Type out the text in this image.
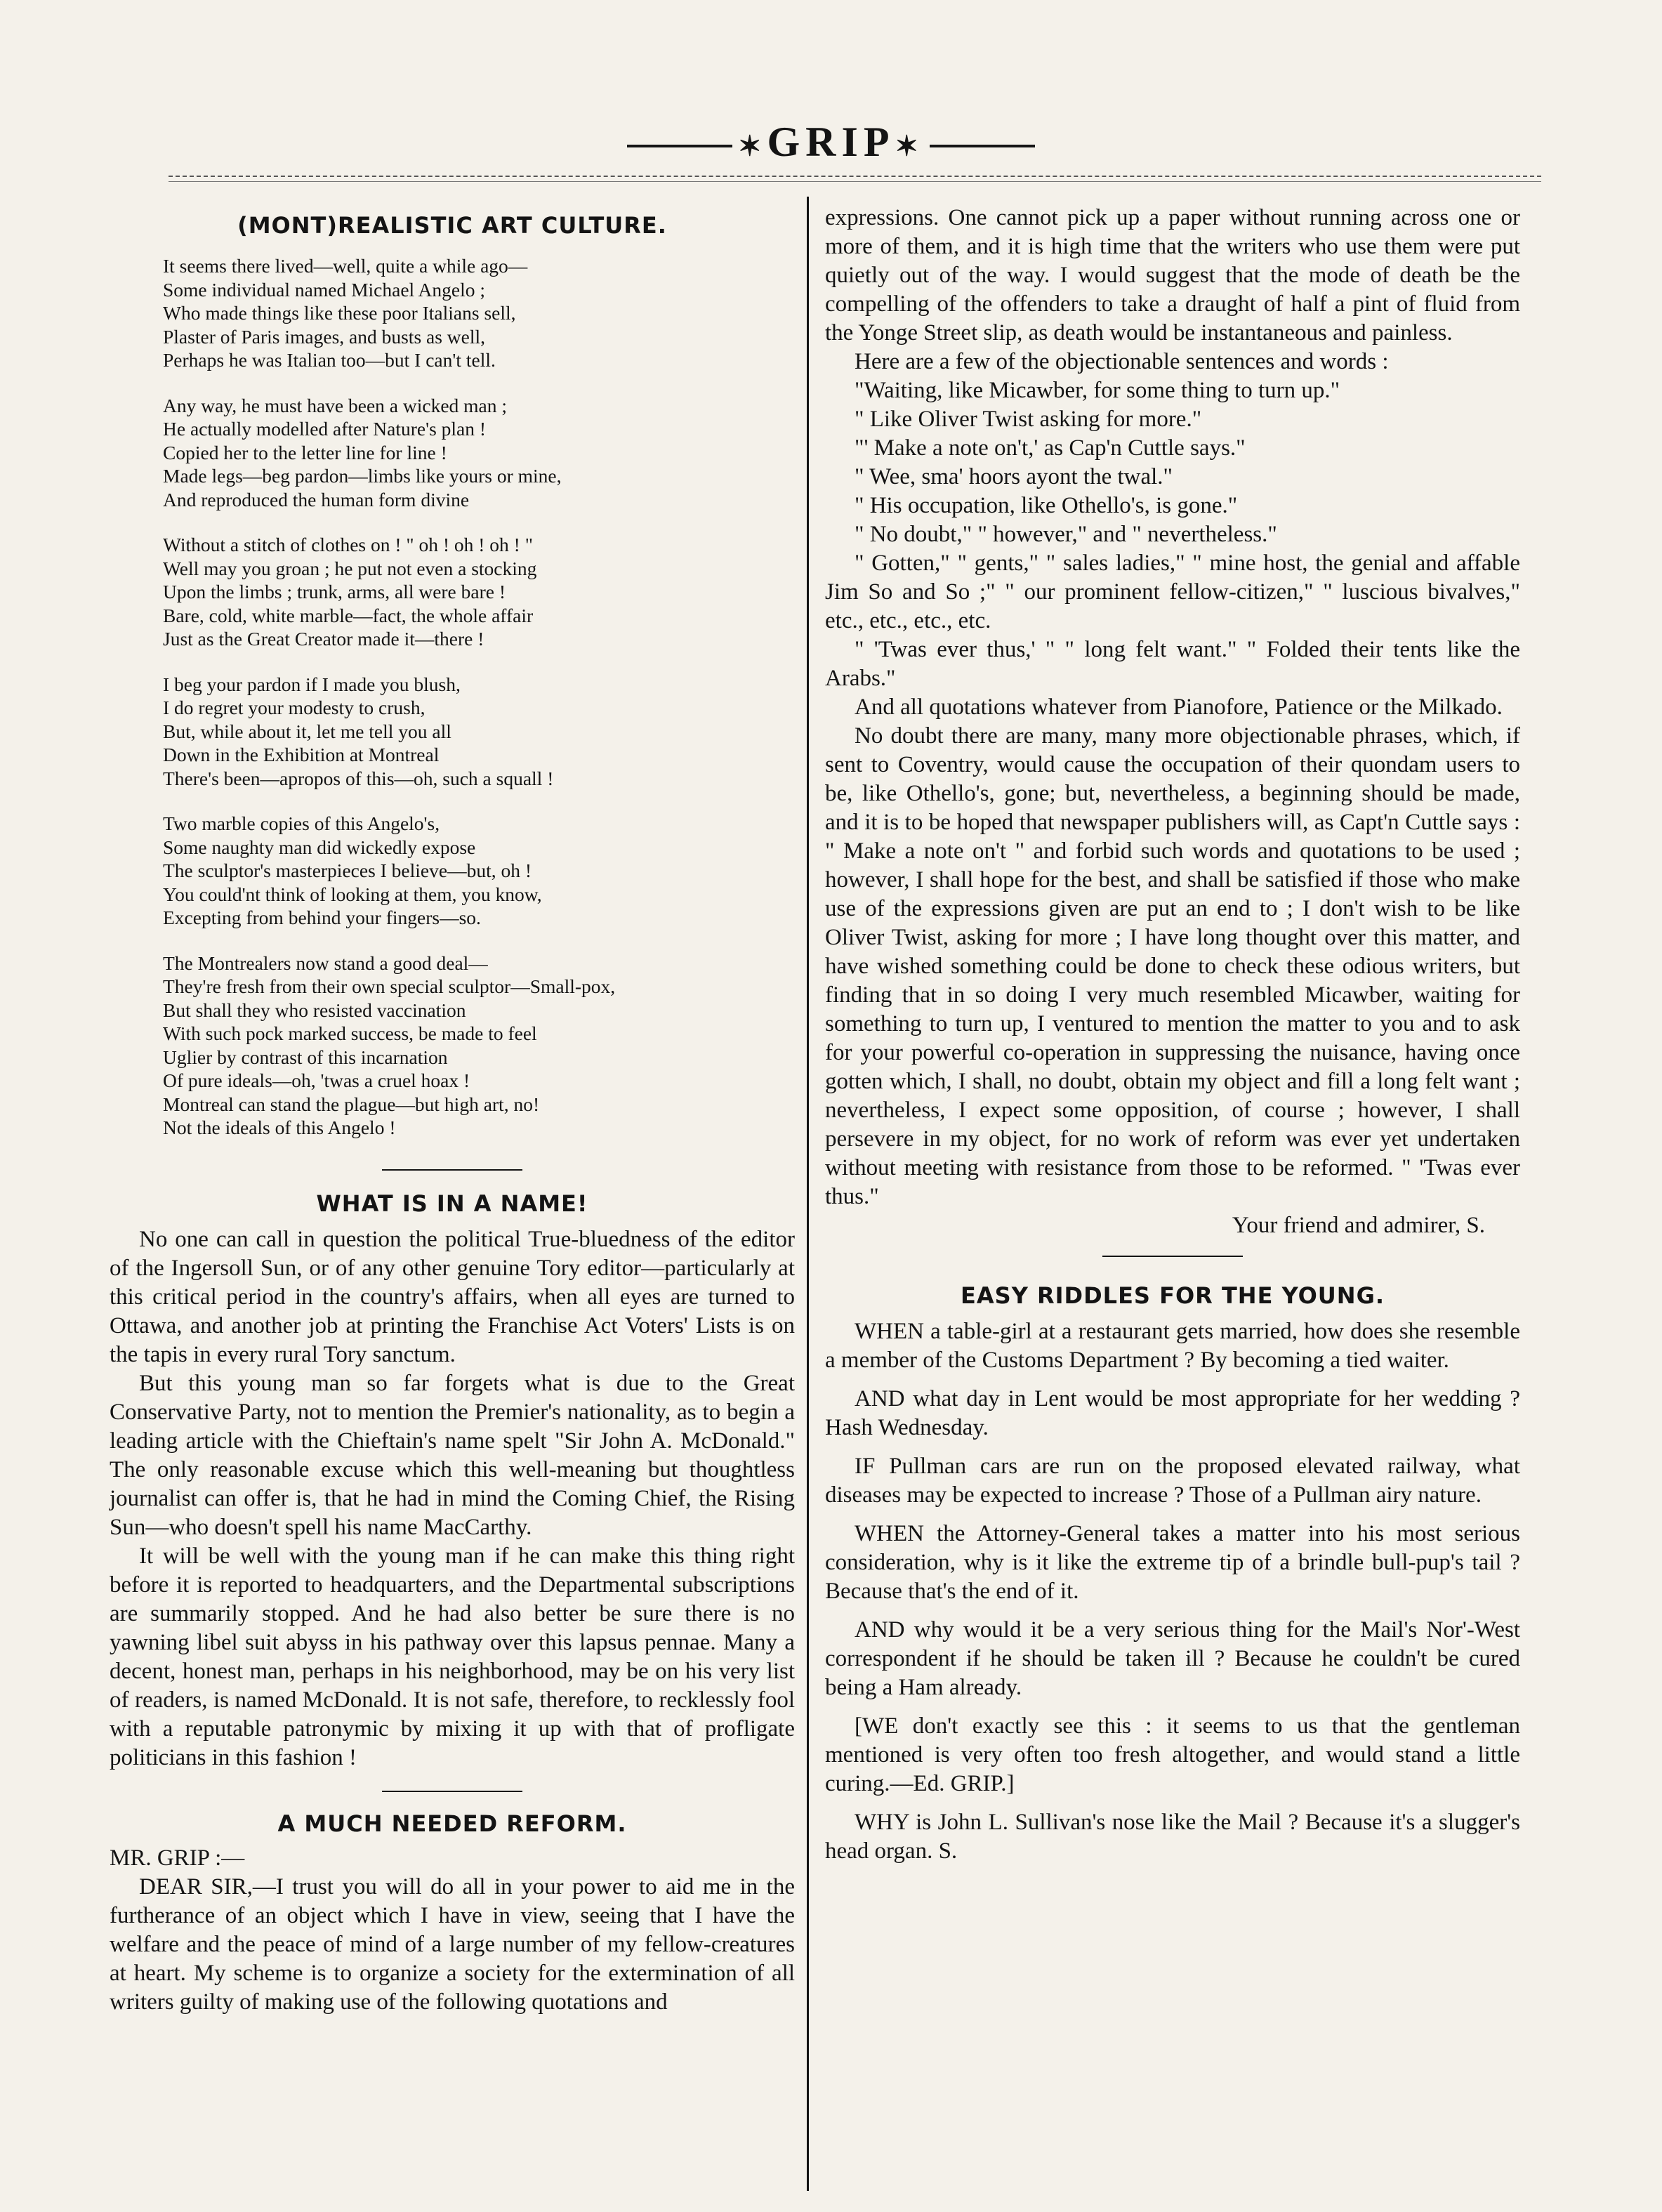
✶GRIP✶
(MONT)REALISTIC ART CULTURE.
It seems there lived—well, quite a while ago—
Some individual named Michael Angelo ;
Who made things like these poor Italians sell,
Plaster of Paris images, and busts as well,
Perhaps he was Italian too—but I can't tell.
Any way, he must have been a wicked man ;
He actually modelled after Nature's plan !
Copied her to the letter line for line !
Made legs—beg pardon—limbs like yours or mine,
And reproduced the human form divine
Without a stitch of clothes on ! " oh ! oh ! oh ! "
Well may you groan ; he put not even a stocking
Upon the limbs ; trunk, arms, all were bare !
Bare, cold, white marble—fact, the whole affair
Just as the Great Creator made it—there !
I beg your pardon if I made you blush,
I do regret your modesty to crush,
But, while about it, let me tell you all
Down in the Exhibition at Montreal
There's been—apropos of this—oh, such a squall !
Two marble copies of this Angelo's,
Some naughty man did wickedly expose
The sculptor's masterpieces I believe—but, oh !
You could'nt think of looking at them, you know,
Excepting from behind your fingers—so.
The Montrealers now stand a good deal—
They're fresh from their own special sculptor—Small-pox,
But shall they who resisted vaccination
With such pock marked success, be made to feel
Uglier by contrast of this incarnation
Of pure ideals—oh, 'twas a cruel hoax !
Montreal can stand the plague—but high art, no!
Not the ideals of this Angelo !
WHAT IS IN A NAME!

No one can call in question the political True-bluedness of the editor of the Ingersoll Sun, or of any other genuine Tory editor—particularly at this critical period in the country's affairs, when all eyes are turned to Ottawa, and another job at printing the Franchise Act Voters' Lists is on the tapis in every rural Tory sanctum.

But this young man so far forgets what is due to the Great Conservative Party, not to mention the Premier's nationality, as to begin a leading article with the Chieftain's name spelt "Sir John A. McDonald." The only reasonable excuse which this well-meaning but thoughtless journalist can offer is, that he had in mind the Coming Chief, the Rising Sun—who doesn't spell his name MacCarthy.

It will be well with the young man if he can make this thing right before it is reported to headquarters, and the Departmental subscriptions are summarily stopped. And he had also better be sure there is no yawning libel suit abyss in his pathway over this lapsus pennae. Many a decent, honest man, perhaps in his neighborhood, may be on his very list of readers, is named McDonald. It is not safe, therefore, to recklessly fool with a reputable patronymic by mixing it up with that of profligate politicians in this fashion !

A MUCH NEEDED REFORM.

MR. GRIP :—

DEAR SIR,—I trust you will do all in your power to aid me in the furtherance of an object which I have in view, seeing that I have the welfare and the peace of mind of a large number of my fellow-creatures at heart. My scheme is to organize a society for the extermination of all writers guilty of making use of the following quotations and

expressions. One cannot pick up a paper without running across one or more of them, and it is high time that the writers who use them were put quietly out of the way. I would suggest that the mode of death be the compelling of the offenders to take a draught of half a pint of fluid from the Yonge Street slip, as death would be instantaneous and painless.

Here are a few of the objectionable sentences and words :

"Waiting, like Micawber, for some thing to turn up."

" Like Oliver Twist asking for more."

"' Make a note on't,' as Cap'n Cuttle says."

" Wee, sma' hoors ayont the twal."

" His occupation, like Othello's, is gone."

" No doubt," " however," and " nevertheless."

" Gotten," " gents," " sales ladies," " mine host, the genial and affable Jim So and So ;" " our prominent fellow-citizen," " luscious bivalves," etc., etc., etc., etc.

" 'Twas ever thus,' " " long felt want." " Folded their tents like the Arabs."

And all quotations whatever from Pianofore, Patience or the Milkado.

No doubt there are many, many more objectionable phrases, which, if sent to Coventry, would cause the occupation of their quondam users to be, like Othello's, gone; but, nevertheless, a beginning should be made, and it is to be hoped that newspaper publishers will, as Capt'n Cuttle says : " Make a note on't " and forbid such words and quotations to be used ; however, I shall hope for the best, and shall be satisfied if those who make use of the expressions given are put an end to ; I don't wish to be like Oliver Twist, asking for more ; I have long thought over this matter, and have wished something could be done to check these odious writers, but finding that in so doing I very much resembled Micawber, waiting for something to turn up, I ventured to mention the matter to you and to ask for your powerful co-operation in suppressing the nuisance, having once gotten which, I shall, no doubt, obtain my object and fill a long felt want ; nevertheless, I expect some opposition, of course ; however, I shall persevere in my object, for no work of reform was ever yet undertaken without meeting with resistance from those to be reformed. " 'Twas ever thus."

Your friend and admirer, S.

EASY RIDDLES FOR THE YOUNG.

WHEN a table-girl at a restaurant gets married, how does she resemble a member of the Customs Department ? By becoming a tied waiter.

AND what day in Lent would be most appropriate for her wedding ? Hash Wednesday.

IF Pullman cars are run on the proposed elevated railway, what diseases may be expected to increase ? Those of a Pullman airy nature.

WHEN the Attorney-General takes a matter into his most serious consideration, why is it like the extreme tip of a brindle bull-pup's tail ? Because that's the end of it.

AND why would it be a very serious thing for the Mail's Nor'-West correspondent if he should be taken ill ? Because he couldn't be cured being a Ham already.

[WE don't exactly see this : it seems to us that the gentleman mentioned is very often too fresh altogether, and would stand a little curing.—Ed. GRIP.]

WHY is John L. Sullivan's nose like the Mail ? Because it's a slugger's head organ. S.
